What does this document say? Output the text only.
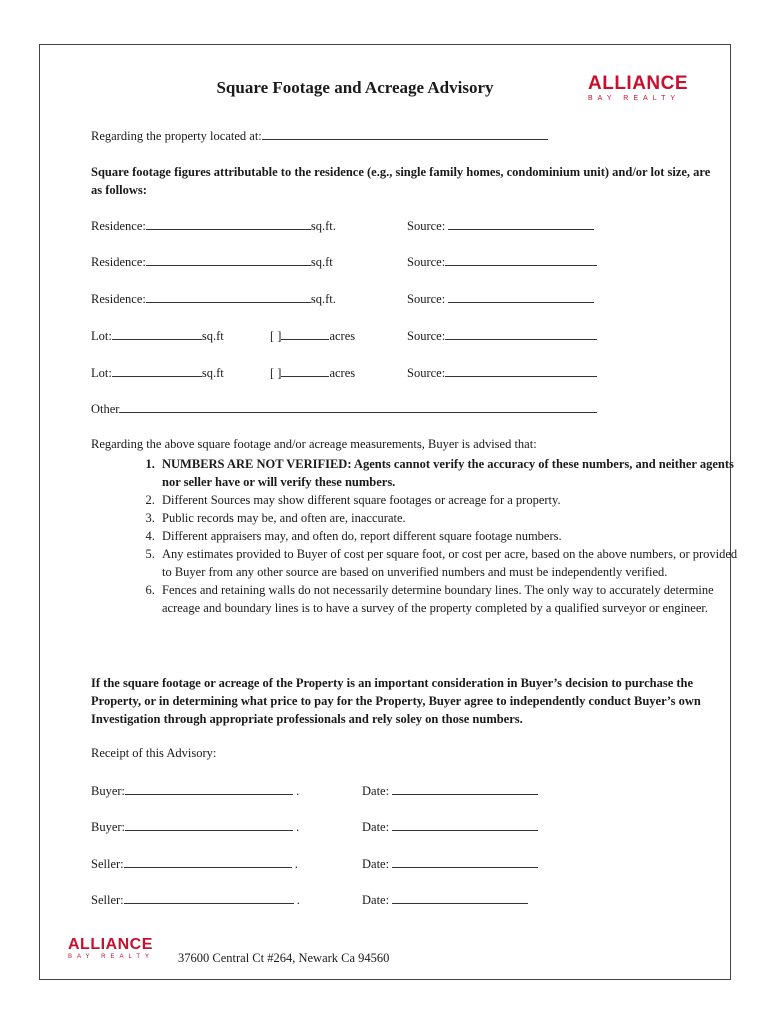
Square Footage and Acreage Advisory	ALLIANCE
BAY REALTY
Regarding the property located at:
Square footage figures attributable to the residence (e.g., single family homes, condominium unit) and/or lot size, are as follows:
Residence:	sq.ft.	Source:
Residence:	sq.ft	Source:
Residence:	sq.ft.	Source:
Lot:	sq.ft	[ ]	acres	Source:
Lot:	sq.ft	[ ]	acres	Source:
Other
Regarding the above square footage and/or acreage measurements, Buyer is advised that:
1. NUMBERS ARE NOT VERIFIED: Agents cannot verify the accuracy of these numbers, and neither agents nor seller have or will verify these numbers.
2. Different Sources may show different square footages or acreage for a property.
3. Public records may be, and often are, inaccurate.
4. Different appraisers may, and often do, report different square footage numbers.
5. Any estimates provided to Buyer of cost per square foot, or cost per acre, based on the above numbers, or provided to Buyer from any other source are based on unverified numbers and must be independently verified.
6. Fences and retaining walls do not necessarily determine boundary lines. The only way to accurately determine acreage and boundary lines is to have a survey of the property completed by a qualified surveyor or engineer.
If the square footage or acreage of the Property is an important consideration in Buyer’s decision to purchase the Property, or in determining what price to pay for the Property, Buyer agree to independently conduct Buyer’s own Investigation through appropriate professionals and rely soley on those numbers.
Receipt of this Advisory:
Buyer:	.	Date:
Buyer:	.	Date:
Seller:	.	Date:
Seller:	.	Date:
ALLIANCE
BAY REALTY 37600 Central Ct #264, Newark Ca 94560
